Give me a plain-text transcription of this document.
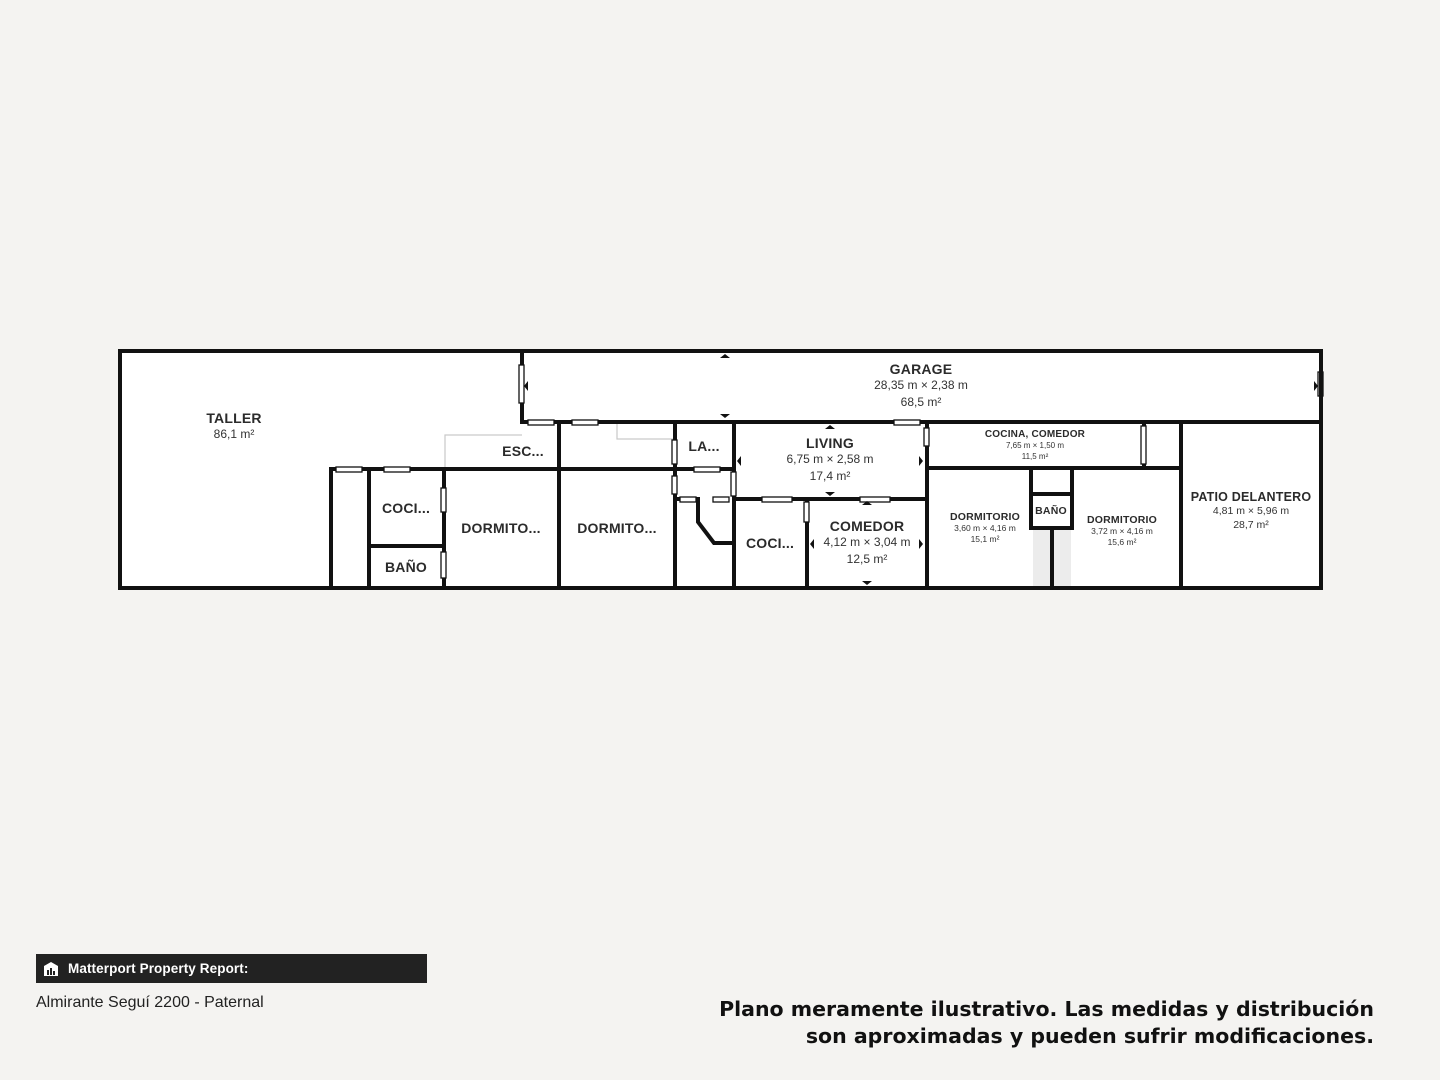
TALLER
86,1 m²
GARAGE
28,35 m × 2,38 m
68,5 m²
ESC...	LA...	LIVING
6,75 m × 2,58 m
17,4 m²
COCINA, COMEDOR
7,65 m × 1,50 m
11,5 m²
COCI...
BAÑO
DORMITO...	DORMITO...
COCI...
COMEDOR
4,12 m × 3,04 m
12,5 m²
DORMITORIO
3,60 m × 4,16 m
15,1 m²
BAÑO
DORMITORIO
3,72 m × 4,16 m
15,6 m²
PATIO DELANTERO
4,81 m × 5,96 m
28,7 m²
Matterport Property Report:
Almirante Seguí 2200 - Paternal	Plano meramente ilustrativo. Las medidas y distribución
son aproximadas y pueden sufrir modificaciones.
